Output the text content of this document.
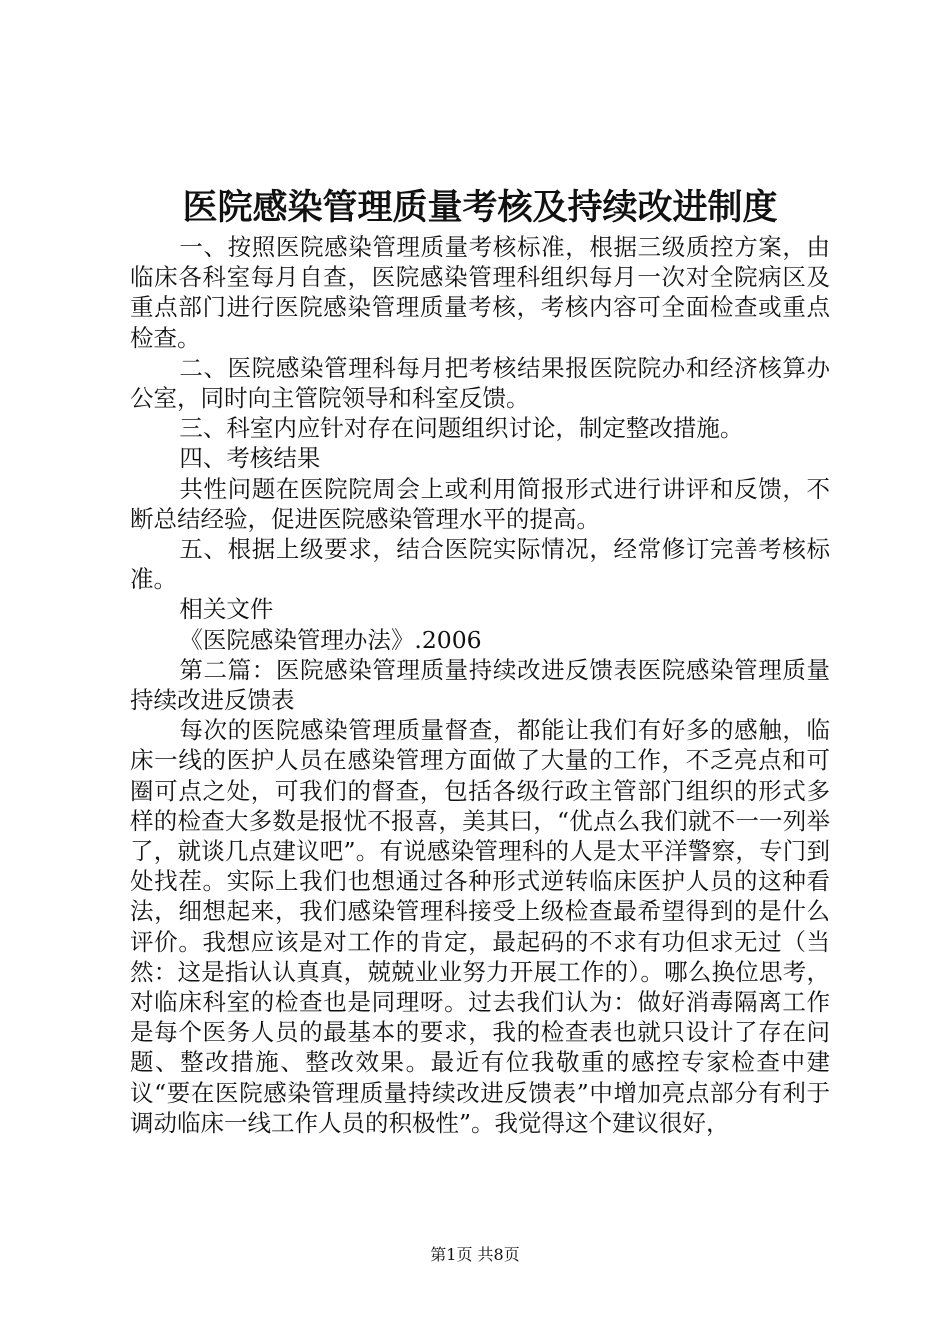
医院感染管理质量考核及持续改进制度

一、按照医院感染管理质量考核标准，根据三级质控方案，由临床各科室每月自查，医院感染管理科组织每月一次对全院病区及重点部门进行医院感染管理质量考核，考核内容可全面检查或重点检查。

二、医院感染管理科每月把考核结果报医院院办和经济核算办公室，同时向主管院领导和科室反馈。

三、科室内应针对存在问题组织讨论，制定整改措施。

四、考核结果

共性问题在医院院周会上或利用简报形式进行讲评和反馈，不断总结经验，促进医院感染管理水平的提高。

五、根据上级要求，结合医院实际情况，经常修订完善考核标准。

相关文件

《医院感染管理办法》.2006

第二篇：医院感染管理质量持续改进反馈表医院感染管理质量持续改进反馈表

每次的医院感染管理质量督查，都能让我们有好多的感触，临床一线的医护人员在感染管理方面做了大量的工作，不乏亮点和可圈可点之处，可我们的督查，包括各级行政主管部门组织的形式多样的检查大多数是报忧不报喜，美其曰，“优点么我们就不一一列举了，就谈几点建议吧”。有说感染管理科的人是太平洋警察，专门到处找茬。实际上我们也想通过各种形式逆转临床医护人员的这种看法，细想起来，我们感染管理科接受上级检查最希望得到的是什么评价。我想应该是对工作的肯定，最起码的不求有功但求无过（当然：这是指认认真真，兢兢业业努力开展工作的）。哪么换位思考，对临床科室的检查也是同理呀。过去我们认为：做好消毒隔离工作是每个医务人员的最基本的要求，我的检查表也就只设计了存在问题、整改措施、整改效果。最近有位我敬重的感控专家检查中建议“要在医院感染管理质量持续改进反馈表”中增加亮点部分有利于调动临床一线工作人员的积极性”。我觉得这个建议很好，

第1页 共8页
